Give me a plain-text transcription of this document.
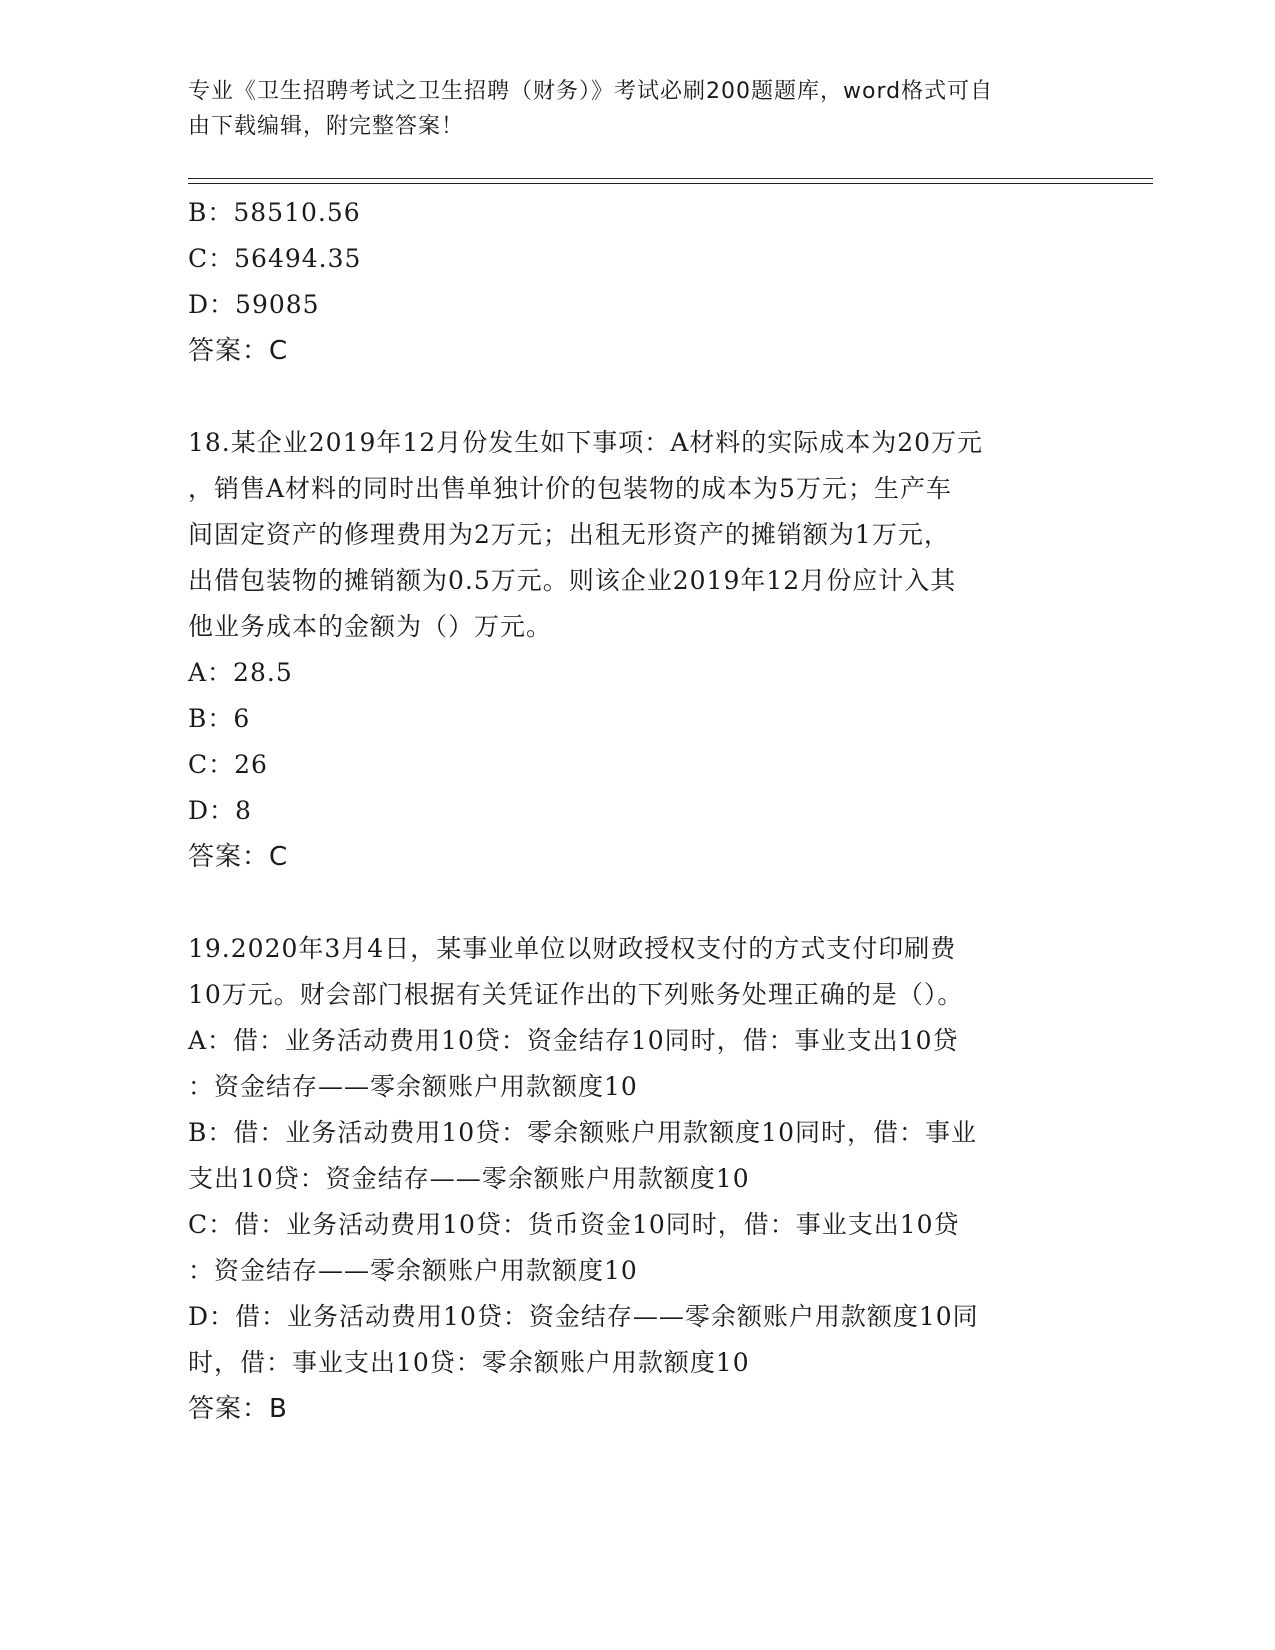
专业《卫生招聘考试之卫生招聘（财务）》考试必刷200题题库，word格式可自
由下载编辑，附完整答案！
B：58510.56
C：56494.35
D：59085
答案：C
18.某企业2019年12月份发生如下事项：A材料的实际成本为20万元
，销售A材料的同时出售单独计价的包装物的成本为5万元；生产车
间固定资产的修理费用为2万元；出租无形资产的摊销额为1万元，
出借包装物的摊销额为0.5万元。则该企业2019年12月份应计入其
他业务成本的金额为（）万元。
A：28.5
B：6
C：26
D：8
答案：C
19.2020年3月4日，某事业单位以财政授权支付的方式支付印刷费
10万元。财会部门根据有关凭证作出的下列账务处理正确的是（）。
A：借：业务活动费用10贷：资金结存10同时，借：事业支出10贷
：资金结存——零余额账户用款额度10
B：借：业务活动费用10贷：零余额账户用款额度10同时，借：事业
支出10贷：资金结存——零余额账户用款额度10
C：借：业务活动费用10贷：货币资金10同时，借：事业支出10贷
：资金结存——零余额账户用款额度10
D：借：业务活动费用10贷：资金结存——零余额账户用款额度10同
时，借：事业支出10贷：零余额账户用款额度10
答案：B
